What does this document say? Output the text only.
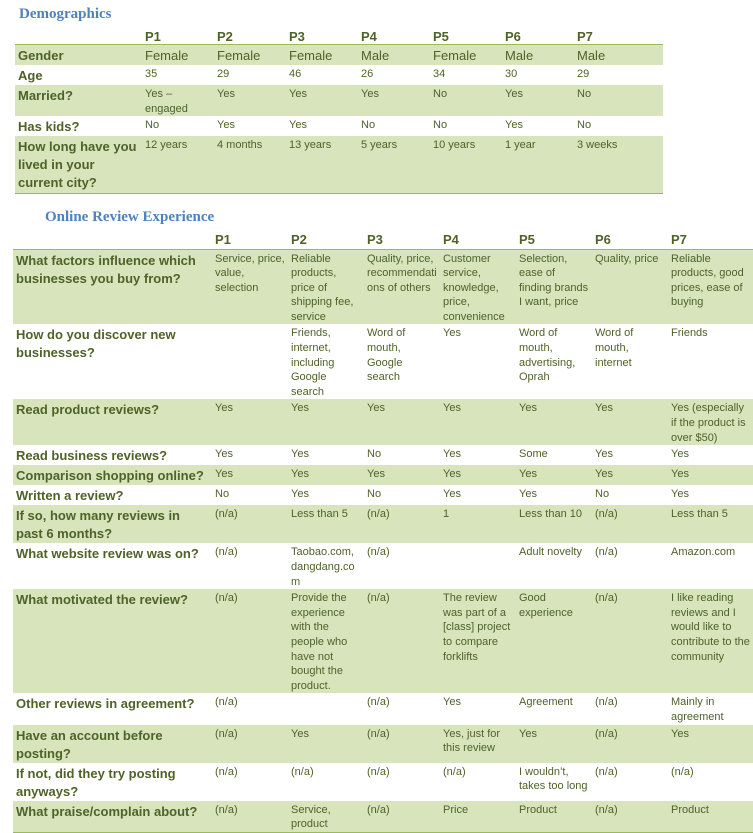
Demographics
	P1	P2	P3	P4	P5	P6	P7
Gender	Female	Female	Female	Male	Female	Male	Male
Age	35	29	46	26	34	30	29
Married?	Yes – engaged	Yes	Yes	Yes	No	Yes	No
Has kids?	No	Yes	Yes	No	No	Yes	No
How long have you lived in your current city?	12 years	4 months	13 years	5 years	10 years	1 year	3 weeks
Online Review Experience
	P1	P2	P3	P4	P5	P6	P7
What factors influence which businesses you buy from?	Service, price, value, selection	Reliable products, price of shipping fee, service	Quality, price, recommendations of others	Customer service, knowledge, price, convenience	Selection, ease of finding brands I want, price	Quality, price	Reliable products, good prices, ease of buying
How do you discover new businesses?		Friends, internet, including Google search	Word of mouth, Google search	Yes	Word of mouth, advertising, Oprah	Word of mouth, internet	Friends
Read product reviews?	Yes	Yes	Yes	Yes	Yes	Yes	Yes (especially if the product is over $50)
Read business reviews?	Yes	Yes	No	Yes	Some	Yes	Yes
Comparison shopping online?	Yes	Yes	Yes	Yes	Yes	Yes	Yes
Written a review?	No	Yes	No	Yes	Yes	No	Yes
If so, how many reviews in past 6 months?	(n/a)	Less than 5	(n/a)	1	Less than 10	(n/a)	Less than 5
What website review was on?	(n/a)	Taobao.com, dangdang.com	(n/a)		Adult novelty	(n/a)	Amazon.com
What motivated the review?	(n/a)	Provide the experience with the people who have not bought the product.	(n/a)	The review was part of a [class] project to compare forklifts	Good experience	(n/a)	I like reading reviews and I would like to contribute to the community
Other reviews in agreement?	(n/a)		(n/a)	Yes	Agreement	(n/a)	Mainly in agreement
Have an account before posting?	(n/a)	Yes	(n/a)	Yes, just for this review	Yes	(n/a)	Yes
If not, did they try posting anyways?	(n/a)	(n/a)	(n/a)	(n/a)	I wouldn’t, takes too long	(n/a)	(n/a)
What praise/complain about?	(n/a)	Service, product	(n/a)	Price	Product	(n/a)	Product
